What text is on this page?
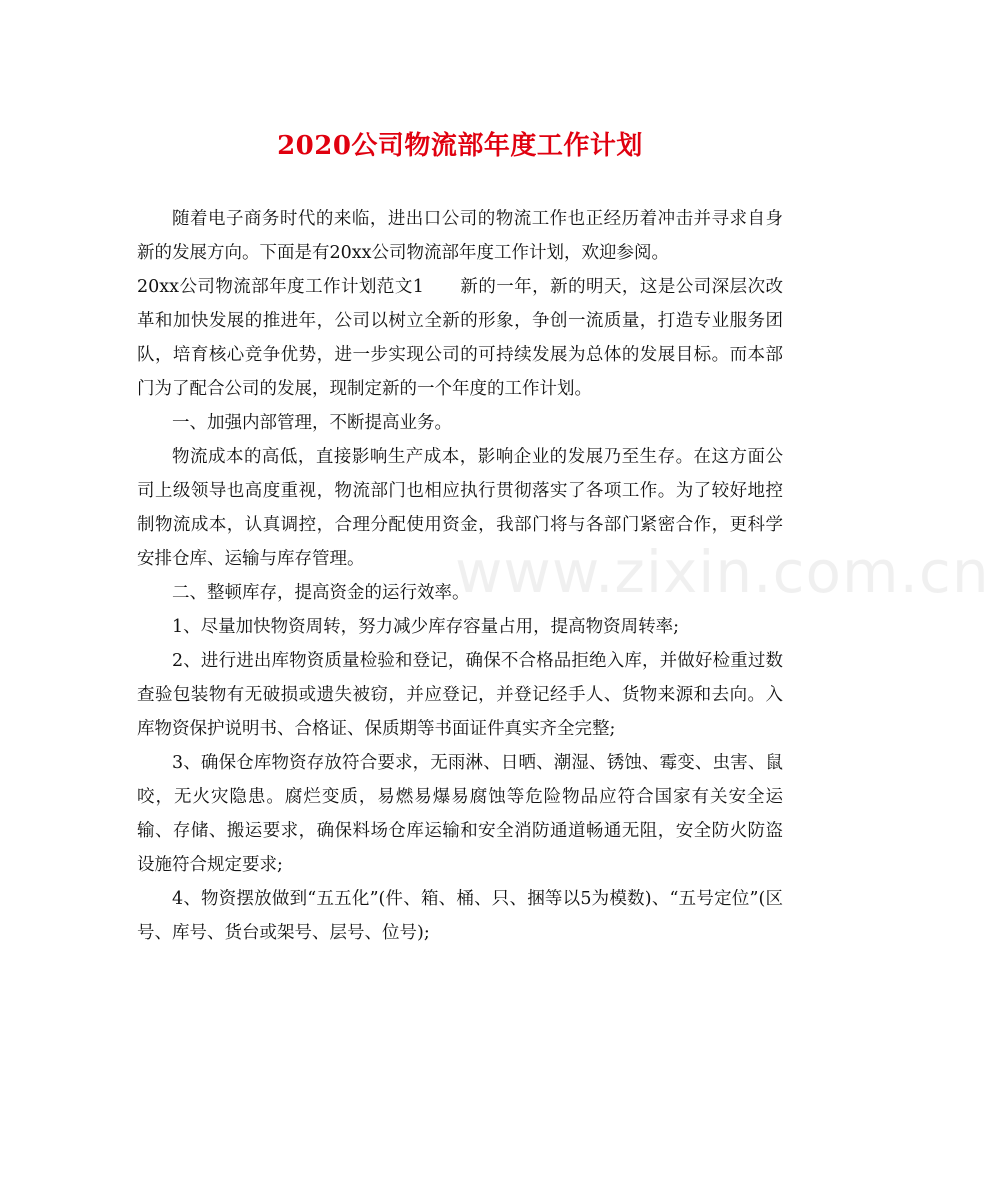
2020公司物流部年度工作计划

随着电子商务时代的来临，进出口公司的物流工作也正经历着冲击并寻求自身新的发展方向。下面是有20xx公司物流部年度工作计划，欢迎参阅。

20xx公司物流部年度工作计划范文1 新的一年，新的明天，这是公司深层次改革和加快发展的推进年，公司以树立全新的形象，争创一流质量，打造专业服务团队，培育核心竞争优势，进一步实现公司的可持续发展为总体的发展目标。而本部门为了配合公司的发展，现制定新的一个年度的工作计划。

一、加强内部管理，不断提高业务。

物流成本的高低，直接影响生产成本，影响企业的发展乃至生存。在这方面公司上级领导也高度重视，物流部门也相应执行贯彻落实了各项工作。为了较好地控制物流成本，认真调控，合理分配使用资金，我部门将与各部门紧密合作，更科学安排仓库、运输与库存管理。

二、整顿库存，提高资金的运行效率。

1、尽量加快物资周转，努力减少库存容量占用，提高物资周转率;

2、进行进出库物资质量检验和登记，确保不合格品拒绝入库，并做好检重过数查验包装物有无破损或遗失被窃，并应登记，并登记经手人、货物来源和去向。入库物资保护说明书、合格证、保质期等书面证件真实齐全完整;

3、确保仓库物资存放符合要求，无雨淋、日晒、潮湿、锈蚀、霉变、虫害、鼠咬，无火灾隐患。腐烂变质，易燃易爆易腐蚀等危险物品应符合国家有关安全运输、存储、搬运要求，确保料场仓库运输和安全消防通道畅通无阻，安全防火防盗设施符合规定要求;

4、物资摆放做到“五五化”(件、箱、桶、只、捆等以5为模数)、“五号定位”(区号、库号、货台或架号、层号、位号);

www.zixin.com.cn
